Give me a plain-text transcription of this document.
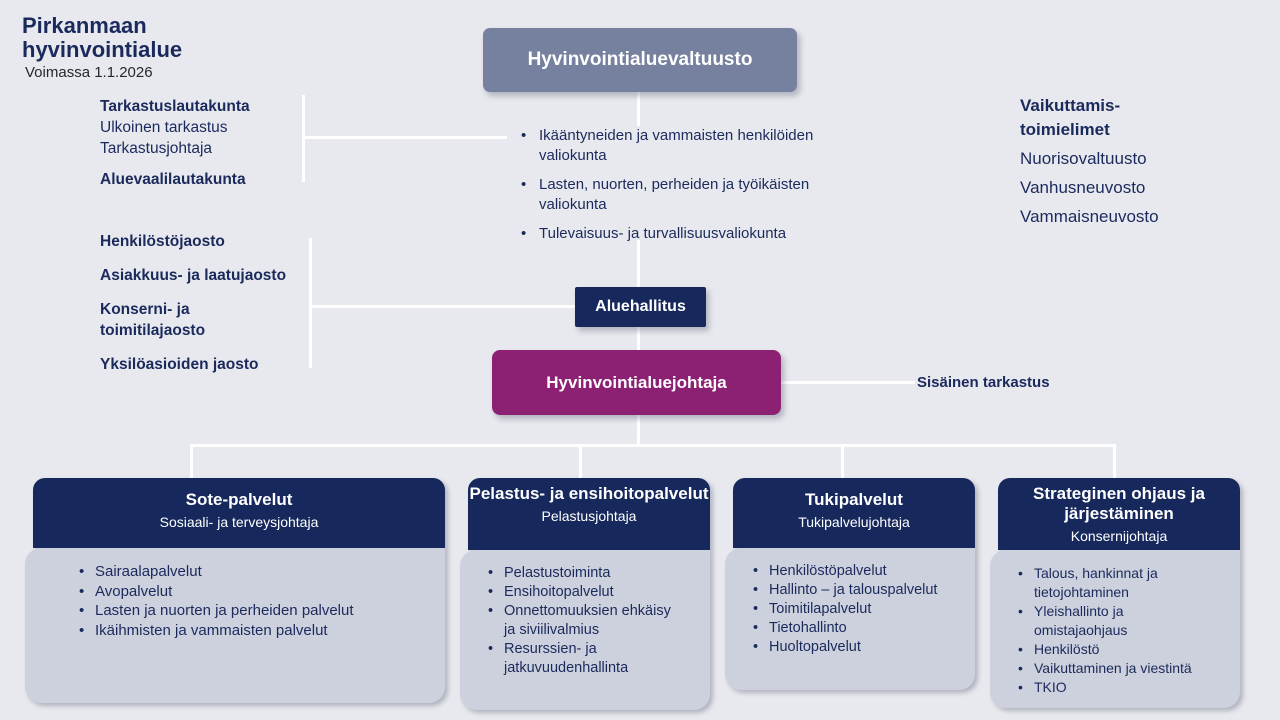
Pirkanmaan
hyvinvointialue
Voimassa 1.1.2026
Hyvinvointialuevaltuusto
Tarkastuslautakunta
Ulkoinen tarkastus
Tarkastusjohtaja
Aluevaalilautakunta
• Ikääntyneiden ja vammaisten henkilöiden valiokunta
• Lasten, nuorten, perheiden ja työikäisten valiokunta
• Tulevaisuus- ja turvallisuusvaliokunta
Vaikuttamis-
toimielimet
Nuorisovaltuusto
Vanhusneuvosto
Vammaisneuvosto
Henkilöstöjaosto
Asiakkuus- ja laatujaosto
Konserni- ja toimitilajaosto
Yksilöasioiden jaosto
Aluehallitus
Hyvinvointialuejohtaja	Sisäinen tarkastus
Sote-palvelut
Sosiaali- ja terveysjohtaja
• Sairaalapalvelut
• Avopalvelut
• Lasten ja nuorten ja perheiden palvelut
• Ikäihmisten ja vammaisten palvelut
Pelastus- ja ensihoitopalvelut
Pelastusjohtaja
• Pelastustoiminta
• Ensihoitopalvelut
• Onnettomuuksien ehkäisy ja siviilivalmius
• Resurssien- ja jatkuvuudenhallinta
Tukipalvelut
Tukipalvelujohtaja
• Henkilöstöpalvelut
• Hallinto – ja talouspalvelut
• Toimitilapalvelut
• Tietohallinto
• Huoltopalvelut
Strateginen ohjaus ja järjestäminen
Konsernijohtaja
• Talous, hankinnat ja tietojohtaminen
• Yleishallinto ja omistajaohjaus
• Henkilöstö
• Vaikuttaminen ja viestintä
• TKIO
